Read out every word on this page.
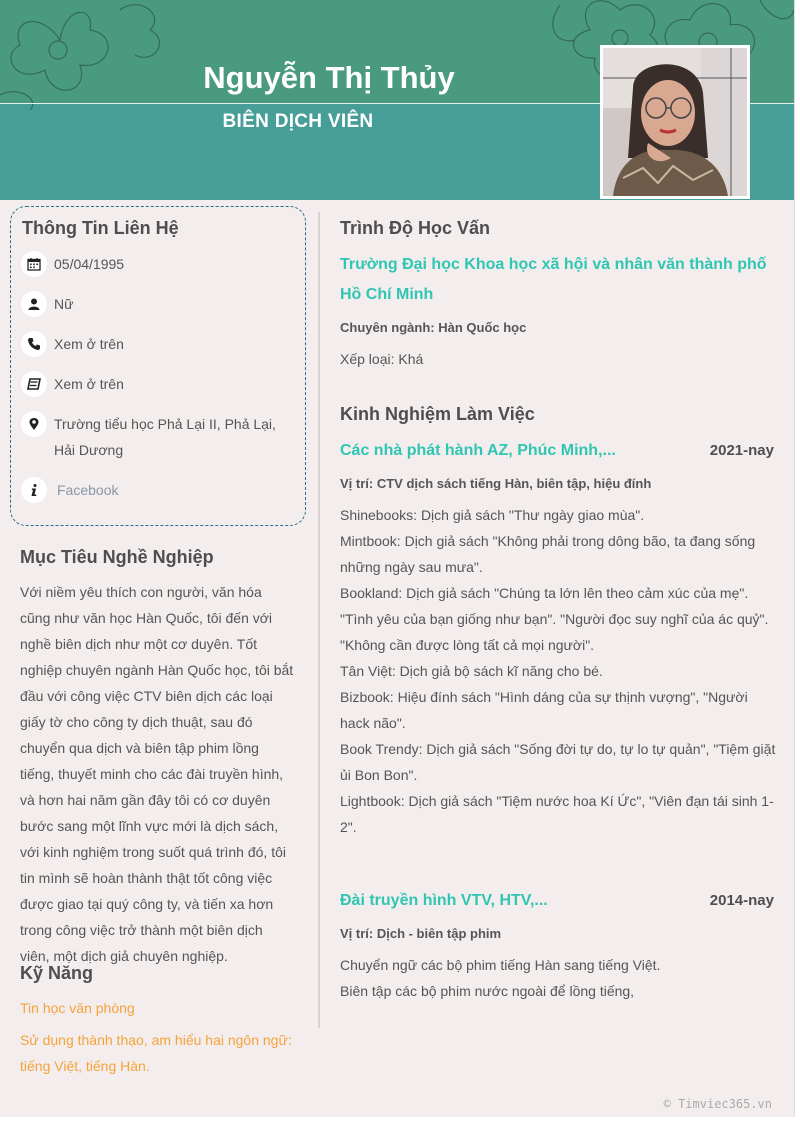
Nguyễn Thị Thủy
BIÊN DỊCH VIÊN
Thông Tin Liên Hệ
05/04/1995
Nữ
Xem ở trên
Xem ở trên
Trường tiểu học Phả Lại II, Phả Lại, Hải Dương
Facebook
Mục Tiêu Nghề Nghiệp

Với niềm yêu thích con người, văn hóa cũng như văn học Hàn Quốc, tôi đến với nghề biên dịch như một cơ duyên. Tốt nghiệp chuyên ngành Hàn Quốc học, tôi bắt đầu với công việc CTV biên dịch các loại giấy tờ cho công ty dịch thuật, sau đó chuyển qua dịch và biên tập phim lồng tiếng, thuyết minh cho các đài truyền hình, và hơn hai năm gần đây tôi có cơ duyên bước sang một lĩnh vực mới là dịch sách, với kinh nghiệm trong suốt quá trình đó, tôi tin mình sẽ hoàn thành thật tốt công việc được giao tại quý công ty, và tiến xa hơn trong công việc trở thành một biên dịch viên, một dịch giả chuyên nghiệp.

Kỹ Năng

Tin học văn phòng

Sử dụng thành thạo, am hiểu hai ngôn ngữ: tiếng Việt, tiếng Hàn.

Trình Độ Học Vấn

Trường Đại học Khoa học xã hội và nhân văn thành phố Hồ Chí Minh

Chuyên ngành: Hàn Quốc học

Xếp loại: Khá

Kinh Nghiệm Làm Việc

Các nhà phát hành AZ, Phúc Minh,...	2021-nay

Vị trí: CTV dịch sách tiếng Hàn, biên tập, hiệu đính

Shinebooks: Dịch giả sách "Thư ngày giao mùa".

Mintbook: Dịch giả sách "Không phải trong dông bão, ta đang sống những ngày sau mưa".

Bookland: Dịch giả sách "Chúng ta lớn lên theo cảm xúc của mẹ". "Tình yêu của bạn giống như bạn". "Người đọc suy nghĩ của ác quỷ". "Không cần được lòng tất cả mọi người".

Tân Việt: Dịch giả bộ sách kĩ năng cho bé.

Bizbook: Hiệu đính sách "Hình dáng của sự thịnh vượng", "Người hack não".

Book Trendy: Dịch giả sách "Sống đời tự do, tự lo tự quản", "Tiệm giặt ủi Bon Bon".

Lightbook: Dịch giả sách "Tiệm nước hoa Kí Ức", "Viên đạn tái sinh 1-2".

Đài truyền hình VTV, HTV,...	2014-nay

Vị trí: Dịch - biên tập phim

Chuyển ngữ các bộ phim tiếng Hàn sang tiếng Việt.

Biên tập các bộ phim nước ngoài để lồng tiếng,

© Timviec365.vn
